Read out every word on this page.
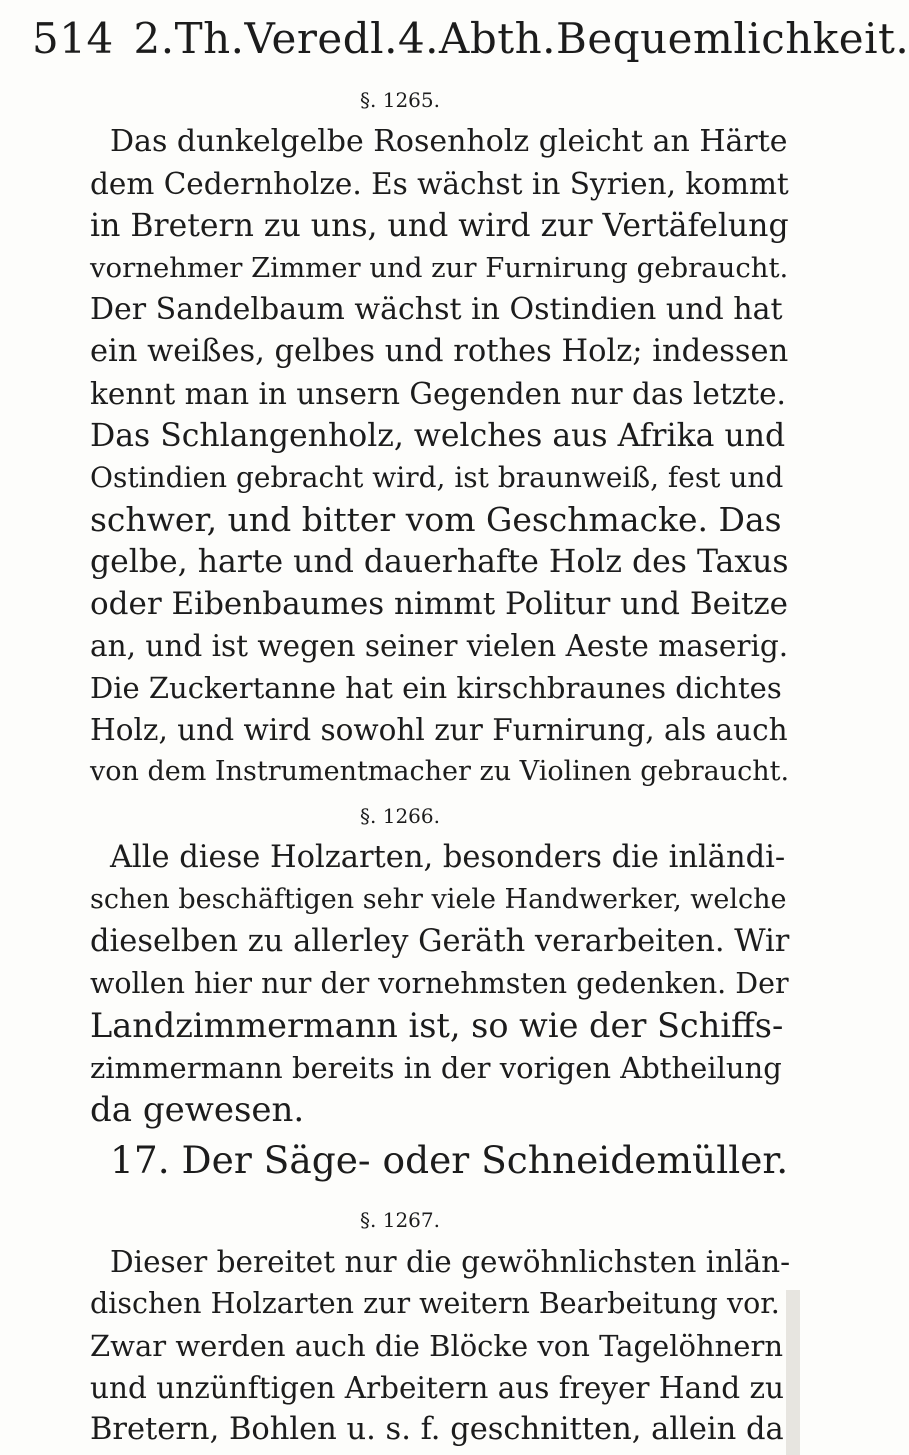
514 2.Th.Veredl.4.Abth.Bequemlichkeit.
§. 1265.
Das dunkelgelbe Rosenholz gleicht an Härte
dem Cedernholze. Es wächst in Syrien, kommt
in Bretern zu uns, und wird zur Vertäfelung
vornehmer Zimmer und zur Furnirung gebraucht.
Der Sandelbaum wächst in Ostindien und hat
ein weißes, gelbes und rothes Holz; indessen
kennt man in unsern Gegenden nur das letzte.
Das Schlangenholz, welches aus Afrika und
Ostindien gebracht wird, ist braunweiß, fest und
schwer, und bitter vom Geschmacke. Das
gelbe, harte und dauerhafte Holz des Taxus
oder Eibenbaumes nimmt Politur und Beitze
an, und ist wegen seiner vielen Aeste maserig.
Die Zuckertanne hat ein kirschbraunes dichtes
Holz, und wird sowohl zur Furnirung, als auch
von dem Instrumentmacher zu Violinen gebraucht.
§. 1266.
Alle diese Holzarten, besonders die inländi-
schen beschäftigen sehr viele Handwerker, welche
dieselben zu allerley Geräth verarbeiten. Wir
wollen hier nur der vornehmsten gedenken. Der
Landzimmermann ist, so wie der Schiffs-
zimmermann bereits in der vorigen Abtheilung
da gewesen.
17. Der Säge- oder Schneidemüller.
§. 1267.
Dieser bereitet nur die gewöhnlichsten inlän-
dischen Holzarten zur weitern Bearbeitung vor.
Zwar werden auch die Blöcke von Tagelöhnern
und unzünftigen Arbeitern aus freyer Hand zu
Bretern, Bohlen u. s. f. geschnitten, allein da
